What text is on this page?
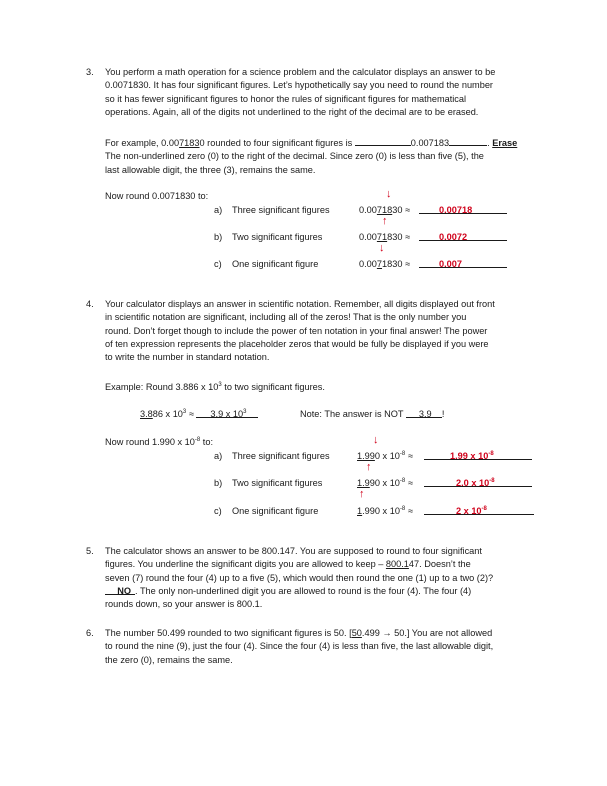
3. You perform a math operation for a science problem and the calculator displays an answer to be
0.0071830. It has four significant figures. Let’s hypothetically say you need to round the number
so it has fewer significant figures to honor the rules of significant figures for mathematical
operations. Again, all of the digits not underlined to the right of the decimal are to be erased.
For example, 0.0071830 rounded to four significant figures is	0.007183	. Erase
The non-underlined zero (0) to the right of the decimal. Since zero (0) is less than five (5), the
last allowable digit, the three (3), remains the same.
Now round 0.0071830 to:	↓
↑
↓
a) Three significant figures	0.0071830 ≈	0.00718
b) Two significant figures	0.0071830 ≈	0.0072
c) One significant figure	0.0071830 ≈	0.007
4. Your calculator displays an answer in scientific notation. Remember, all digits displayed out front
in scientific notation are significant, including all of the zeros! That is the only number you
round. Don’t forget though to include the power of ten notation in your final answer! The power
of ten expression represents the placeholder zeros that would be fully be displayed if you were
to write the number in standard notation.
Example: Round 3.886 x $10^3$ to two significant figures.
3.886 x $10^3 \approx 3.9$ x $10^3$	Note: The answer is NOT 3.9 !
Now round 1.990 x $10^{-8}$ to:	↓
↑
↑
a) Three significant figures	1.990 x $10^{-8}$ ≈	1.99 x $10^{-8}$
b) Two significant figures	1.990 x $10^{-8}$ ≈	2.0 x $10^{-8}$
c) One significant figure	1.990 x $10^{-8}$ ≈	2 x $10^{-8}$
5. The calculator shows an answer to be 800.147. You are supposed to round to four significant
figures. You underline the significant digits you are allowed to keep – 800.147. Doesn’t the
seven (7) round the four (4) up to a five (5), which would then round the one (1) up to a two (2)?
NO . The only non-underlined digit you are allowed to round is the four (4). The four (4)
rounds down, so your answer is 800.1.
6. The number 50.499 rounded to two significant figures is 50. [50.499 → 50.] You are not allowed
to round the nine (9), just the four (4). Since the four (4) is less than five, the last allowable digit,
the zero (0), remains the same.
